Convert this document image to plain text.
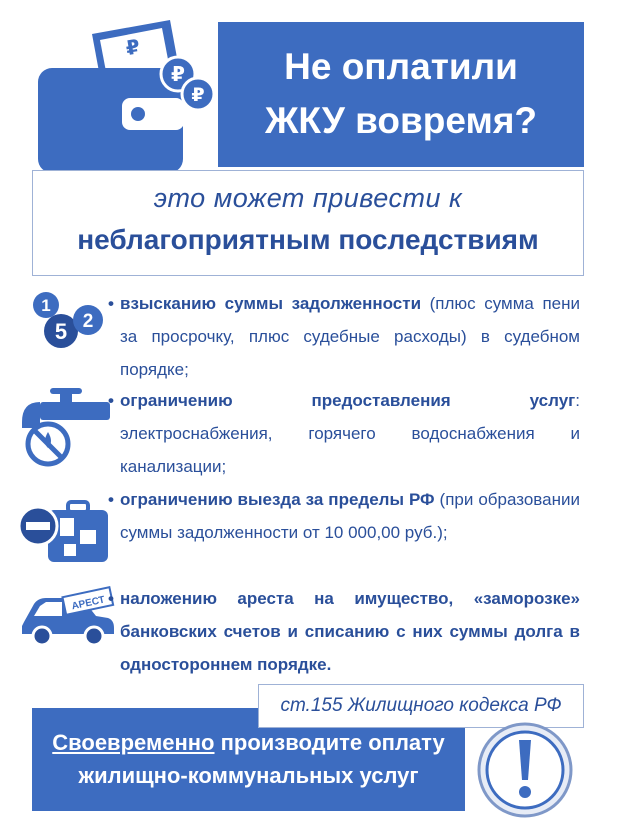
₽
₽
₽	Не оплатили
ЖКУ вовремя?
это может привести к
неблагоприятным последствиям
1
5 2
• взысканию суммы задолженности (плюс сумма пени за просрочку, плюс судебные расходы) в судебном порядке;
• ограничению предоставления услуг: электроснабжения, горячего водоснабжения и канализации;
• ограничению выезда за пределы РФ (при образовании суммы задолженности от 10 000,00 руб.);
АРЕСТ • наложению ареста на имущество, «заморозке» банковских счетов и списанию с них суммы долга в одностороннем порядке.
Своевременно производите оплату
жилищно-коммунальных услуг
ст.155 Жилищного кодекса РФ
